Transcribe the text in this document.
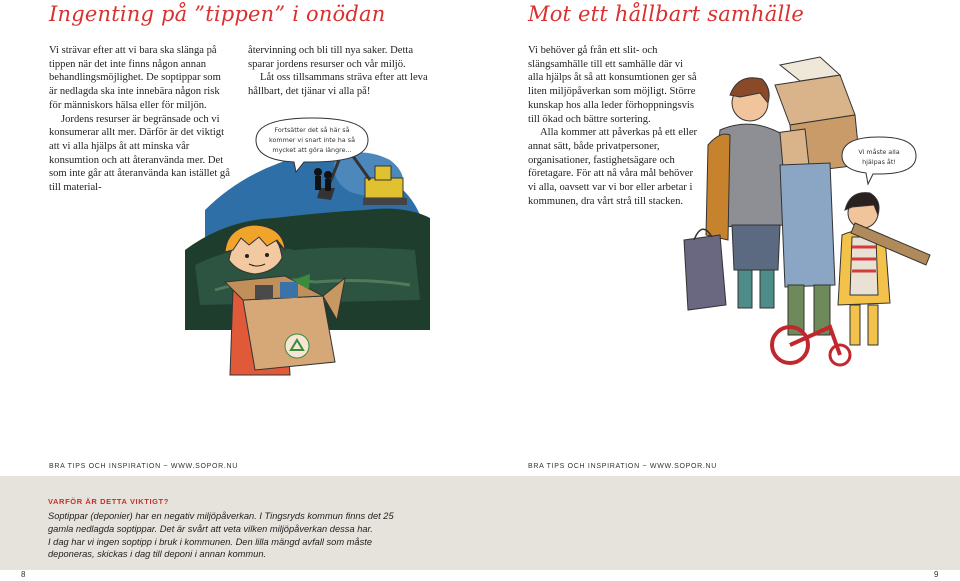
Ingenting på ”tippen” i onödan

Vi strävar efter att vi bara ska slänga på tippen när det inte finns någon annan behandlingsmöjlighet. De soptippar som är nedlagda ska inte innebära någon risk för människors hälsa eller för miljön.

Jordens resurser är begränsade och vi konsumerar allt mer. Därför är det viktigt att vi alla hjälps åt att minska vår konsumtion och att återanvända mer. Det som inte går att återanvända kan istället gå till material-

återvinning och bli till nya saker. Detta sparar jordens resurser och vår miljö.

Låt oss tillsammans sträva efter att leva hållbart, det tjänar vi alla på!

Fortsätter det så här så
kommer vi snart inte ha så
mycket att göra längre...
BRA TIPS OCH INSPIRATION ~ WWW.SOPOR.NU
Mot ett hållbart samhälle

Vi behöver gå från ett slit- och slängsamhälle till ett samhälle där vi alla hjälps åt så att konsumtionen ger så liten miljöpåverkan som möjligt. Större kunskap hos alla leder förhoppningsvis till ökad och bättre sortering.

Alla kommer att påverkas på ett eller annat sätt, både privatpersoner, organisationer, fastighetsägare och företagare. För att nå våra mål behöver vi alla, oavsett var vi bor eller arbetar i kommunen, dra vårt strå till stacken.

Vi måste alla
hjälpas åt!
BRA TIPS OCH INSPIRATION ~ WWW.SOPOR.NU
VARFÖR ÄR DETTA VIKTIGT?

Soptippar (deponier) har en negativ miljöpåverkan. I Tingsryds kommun finns det 25

gamla nedlagda soptippar. Det är svårt att veta vilken miljöpåverkan dessa har.

I dag har vi ingen soptipp i bruk i kommunen. Den lilla mängd avfall som måste

deponeras, skickas i dag till deponi i annan kommun.

8	9
